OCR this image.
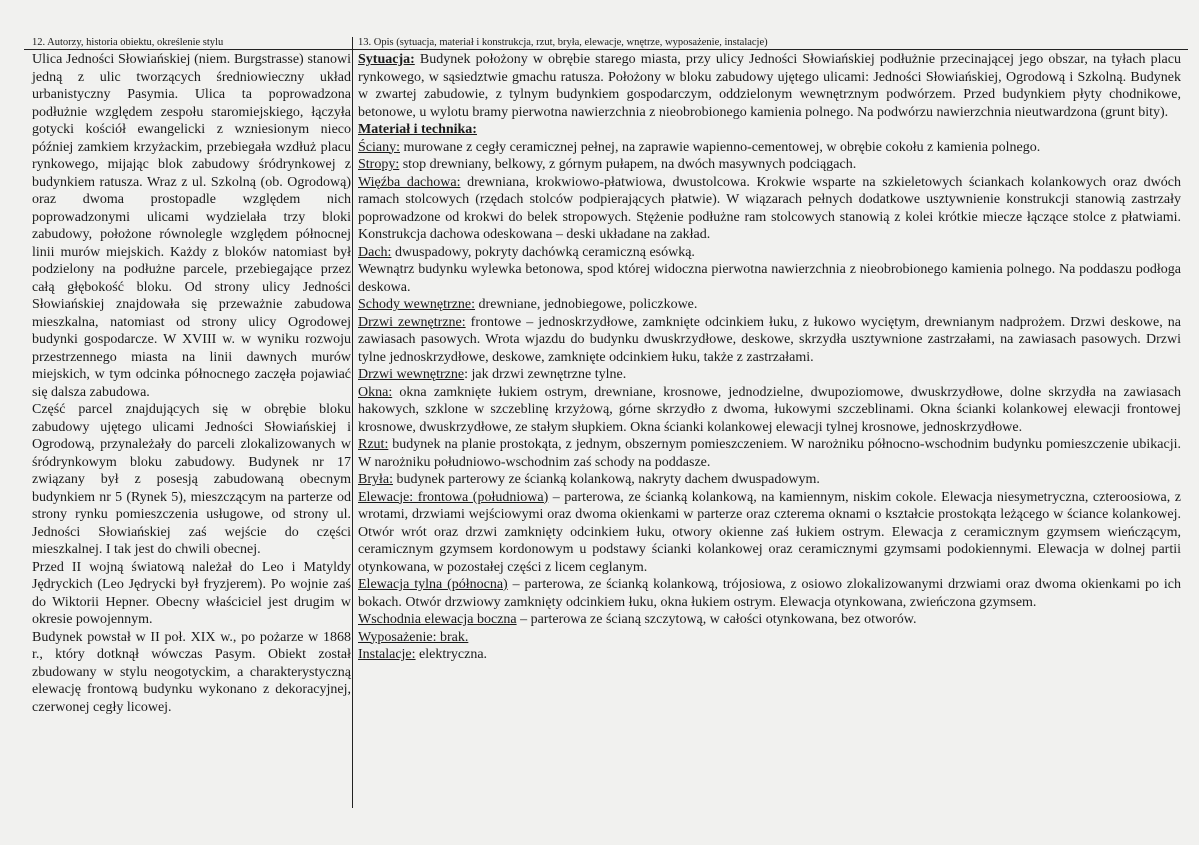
12. Autorzy, historia obiektu, określenie stylu

Ulica Jedności Słowiańskiej (niem. Burgstrasse) stanowi jedną z ulic tworzących średniowieczny układ urbanistyczny Pasymia. Ulica ta poprowadzona podłużnie względem zespołu staromiejskiego, łączyła gotycki kościół ewangelicki z wzniesionym nieco później zamkiem krzyżackim, przebiegała wzdłuż placu rynkowego, mijając blok zabudowy śródrynkowej z budynkiem ratusza. Wraz z ul. Szkolną (ob. Ogrodową) oraz dwoma prostopadle względem nich poprowadzonymi ulicami wydzielała trzy bloki zabudowy, położone równolegle względem północnej linii murów miejskich. Każdy z bloków natomiast był podzielony na podłużne parcele, przebiegające przez całą głębokość bloku. Od strony ulicy Jedności Słowiańskiej znajdowała się przeważnie zabudowa mieszkalna, natomiast od strony ulicy Ogrodowej budynki gospodarcze. W XVIII w. w wyniku rozwoju przestrzennego miasta na linii dawnych murów miejskich, w tym odcinka północnego zaczęła pojawiać się dalsza zabudowa.

Część parcel znajdujących się w obrębie bloku zabudowy ujętego ulicami Jedności Słowiańskiej i Ogrodową, przynależały do parceli zlokalizowanych w śródrynkowym bloku zabudowy. Budynek nr 17 związany był z posesją zabudowaną obecnym budynkiem nr 5 (Rynek 5), mieszczącym na parterze od strony rynku pomieszczenia usługowe, od strony ul. Jedności Słowiańskiej zaś wejście do części mieszkalnej. I tak jest do chwili obecnej.

Przed II wojną światową należał do Leo i Matyldy Jędryckich (Leo Jędrycki był fryzjerem). Po wojnie zaś do Wiktorii Hepner. Obecny właściciel jest drugim w okresie powojennym.

Budynek powstał w II poł. XIX w., po pożarze w 1868 r., który dotknął wówczas Pasym. Obiekt został zbudowany w stylu neogotyckim, a charakterystyczną elewację frontową budynku wykonano z dekoracyjnej, czerwonej cegły licowej.

13. Opis (sytuacja, materiał i konstrukcja, rzut, bryła, elewacje, wnętrze, wyposażenie, instalacje)

Sytuacja: Budynek położony w obrębie starego miasta, przy ulicy Jedności Słowiańskiej podłużnie przecinającej jego obszar, na tyłach placu rynkowego, w sąsiedztwie gmachu ratusza. Położony w bloku zabudowy ujętego ulicami: Jedności Słowiańskiej, Ogrodową i Szkolną. Budynek w zwartej zabudowie, z tylnym budynkiem gospodarczym, oddzielonym wewnętrznym podwórzem. Przed budynkiem płyty chodnikowe, betonowe, u wylotu bramy pierwotna nawierzchnia z nieobrobionego kamienia polnego. Na podwórzu nawierzchnia nieutwardzona (grunt bity).

Materiał i technika:

Ściany: murowane z cegły ceramicznej pełnej, na zaprawie wapienno-cementowej, w obrębie cokołu z kamienia polnego.

Stropy: stop drewniany, belkowy, z górnym pułapem, na dwóch masywnych podciągach.

Więźba dachowa: drewniana, krokwiowo-płatwiowa, dwustolcowa. Krokwie wsparte na szkieletowych ściankach kolankowych oraz dwóch ramach stolcowych (rzędach stolców podpierających płatwie). W wiązarach pełnych dodatkowe usztywnienie konstrukcji stanowią zastrzały poprowadzone od krokwi do belek stropowych. Stężenie podłużne ram stolcowych stanowią z kolei krótkie miecze łączące stolce z płatwiami. Konstrukcja dachowa odeskowana – deski układane na zakład.

Dach: dwuspadowy, pokryty dachówką ceramiczną esówką.

Wewnątrz budynku wylewka betonowa, spod której widoczna pierwotna nawierzchnia z nieobrobionego kamienia polnego. Na poddaszu podłoga deskowa.

Schody wewnętrzne: drewniane, jednobiegowe, policzkowe.

Drzwi zewnętrzne: frontowe – jednoskrzydłowe, zamknięte odcinkiem łuku, z łukowo wyciętym, drewnianym nadprożem. Drzwi deskowe, na zawiasach pasowych. Wrota wjazdu do budynku dwuskrzydłowe, deskowe, skrzydła usztywnione zastrzałami, na zawiasach pasowych. Drzwi tylne jednoskrzydłowe, deskowe, zamknięte odcinkiem łuku, także z zastrzałami.

Drzwi wewnętrzne: jak drzwi zewnętrzne tylne.

Okna: okna zamknięte łukiem ostrym, drewniane, krosnowe, jednodzielne, dwupoziomowe, dwuskrzydłowe, dolne skrzydła na zawiasach hakowych, szklone w szczeblinę krzyżową, górne skrzydło z dwoma, łukowymi szczeblinami. Okna ścianki kolankowej elewacji frontowej krosnowe, dwuskrzydłowe, ze stałym słupkiem. Okna ścianki kolankowej elewacji tylnej krosnowe, jednoskrzydłowe.

Rzut: budynek na planie prostokąta, z jednym, obszernym pomieszczeniem. W narożniku północno-wschodnim budynku pomieszczenie ubikacji. W narożniku południowo-wschodnim zaś schody na poddasze.

Bryła: budynek parterowy ze ścianką kolankową, nakryty dachem dwuspadowym.

Elewacje: frontowa (południowa) – parterowa, ze ścianką kolankową, na kamiennym, niskim cokole. Elewacja niesymetryczna, czteroosiowa, z wrotami, drzwiami wejściowymi oraz dwoma okienkami w parterze oraz czterema oknami o kształcie prostokąta leżącego w ściance kolankowej. Otwór wrót oraz drzwi zamknięty odcinkiem łuku, otwory okienne zaś łukiem ostrym. Elewacja z ceramicznym gzymsem wieńczącym, ceramicznym gzymsem kordonowym u podstawy ścianki kolankowej oraz ceramicznymi gzymsami podokiennymi. Elewacja w dolnej partii otynkowana, w pozostałej części z licem ceglanym.

Elewacja tylna (północna) – parterowa, ze ścianką kolankową, trójosiowa, z osiowo zlokalizowanymi drzwiami oraz dwoma okienkami po ich bokach. Otwór drzwiowy zamknięty odcinkiem łuku, okna łukiem ostrym. Elewacja otynkowana, zwieńczona gzymsem.

Wschodnia elewacja boczna – parterowa ze ścianą szczytową, w całości otynkowana, bez otworów.

Wyposażenie: brak.

Instalacje: elektryczna.
